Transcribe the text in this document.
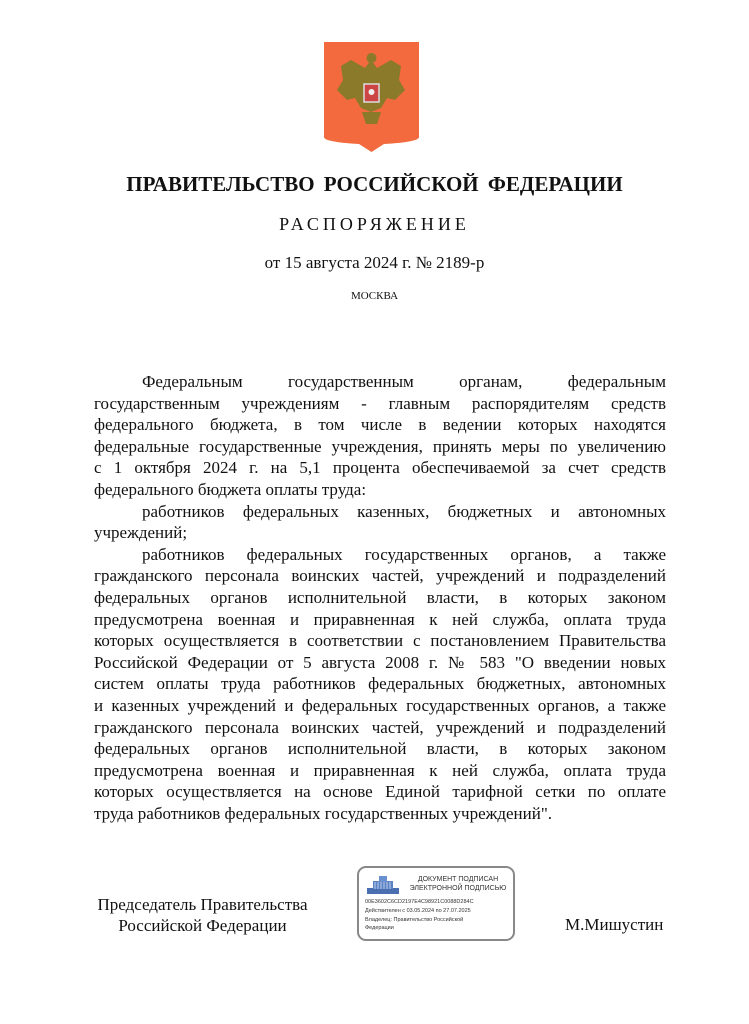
ПРАВИТЕЛЬСТВО РОССИЙСКОЙ ФЕДЕРАЦИИ
РАСПОРЯЖЕНИЕ
от 15 августа 2024 г. № 2189-р
МОСКВА
Федеральным государственным органам, федеральным
государственным учреждениям - главным распорядителям средств
федерального бюджета, в том числе в ведении которых находятся
федеральные государственные учреждения, принять меры по увеличению
с 1 октября 2024 г. на 5,1 процента обеспечиваемой за счет средств
федерального бюджета оплаты труда:
работников федеральных казенных, бюджетных и автономных
учреждений;
работников федеральных государственных органов, а также
гражданского персонала воинских частей, учреждений и подразделений
федеральных органов исполнительной власти, в которых законом
предусмотрена военная и приравненная к ней служба, оплата труда
которых осуществляется в соответствии с постановлением Правительства
Российской Федерации от 5 августа 2008 г. № 583 "О введении новых
систем оплаты труда работников федеральных бюджетных, автономных
и казенных учреждений и федеральных государственных органов, а также
гражданского персонала воинских частей, учреждений и подразделений
федеральных органов исполнительной власти, в которых законом
предусмотрена военная и приравненная к ней служба, оплата труда
которых осуществляется на основе Единой тарифной сетки по оплате
труда работников федеральных государственных учреждений".
Председатель Правительства
Российской Федерации
ДОКУМЕНТ ПОДПИСАН
ЭЛЕКТРОННОЙ ПОДПИСЬЮ
00E3602C6CD2197E4C98921C0088D284C
Действителен с 03.05.2024 по 27.07.2025
Владелец: Правительство Российской
Федерации	М.Мишустин
